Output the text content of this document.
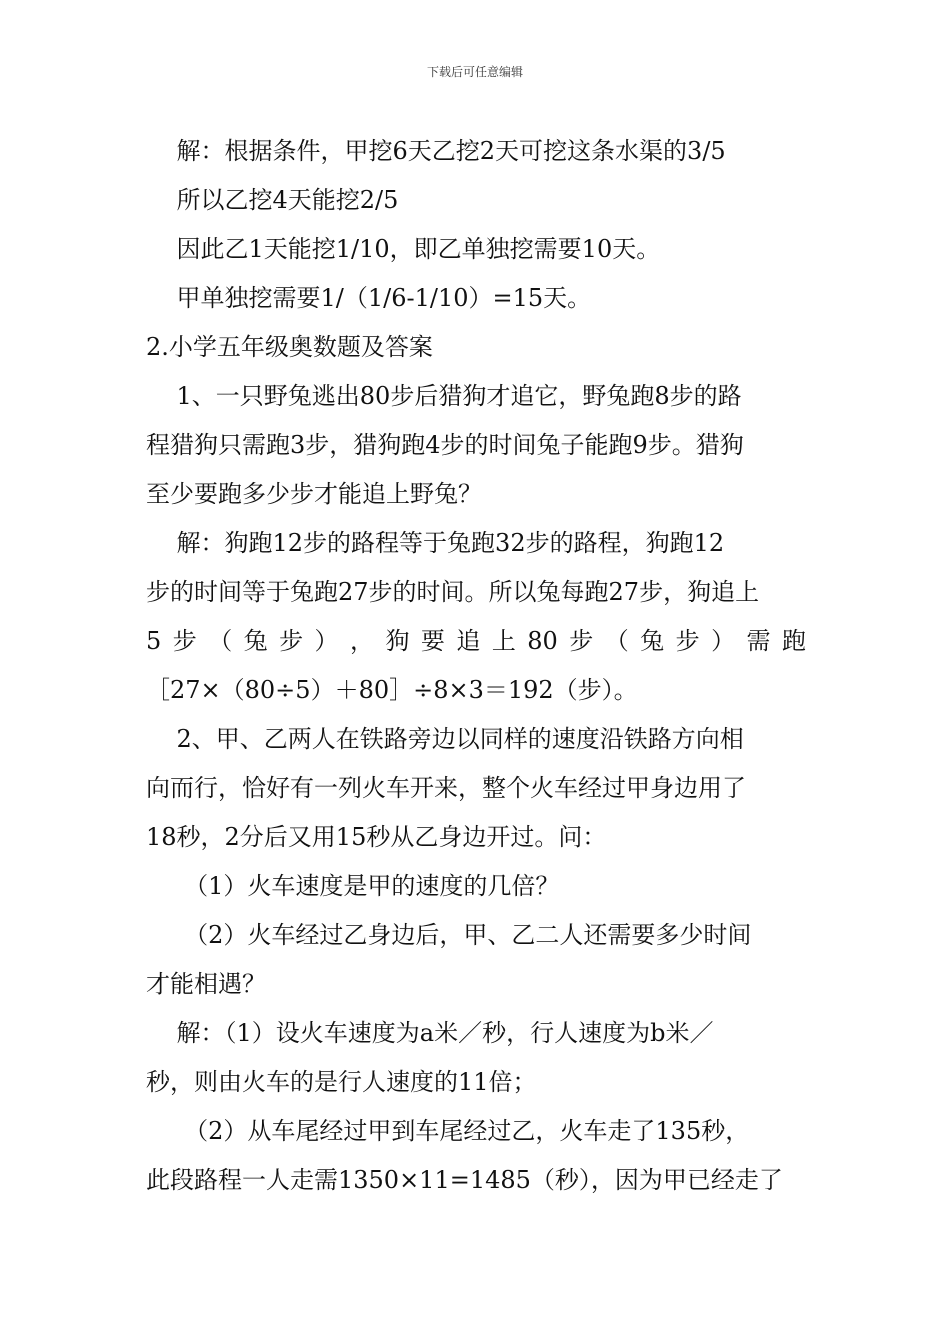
下载后可任意编辑
解：根据条件，甲挖6天乙挖2天可挖这条水渠的3/5
所以乙挖4天能挖2/5
因此乙1天能挖1/10，即乙单独挖需要10天。
甲单独挖需要1/（1/6-1/10）=15天。
2.小学五年级奥数题及答案
1、一只野兔逃出80步后猎狗才追它，野兔跑8步的路
程猎狗只需跑3步，猎狗跑4步的时间兔子能跑9步。猎狗
至少要跑多少步才能追上野兔？
解：狗跑12步的路程等于兔跑32步的路程，狗跑12
步的时间等于兔跑27步的时间。所以兔每跑27步，狗追上
5 步 （ 兔 步 ） ， 狗 要 追 上 80 步 （ 兔 步 ） 需 跑
［27×（80÷5）＋80］÷8×3＝192（步）。
2、甲、乙两人在铁路旁边以同样的速度沿铁路方向相
向而行，恰好有一列火车开来，整个火车经过甲身边用了
18秒，2分后又用15秒从乙身边开过。问：
（1）火车速度是甲的速度的几倍？
（2）火车经过乙身边后，甲、乙二人还需要多少时间
才能相遇？
解：（1）设火车速度为a米／秒，行人速度为b米／
秒，则由火车的是行人速度的11倍；
（2）从车尾经过甲到车尾经过乙，火车走了135秒，
此段路程一人走需1350×11=1485（秒），因为甲已经走了
